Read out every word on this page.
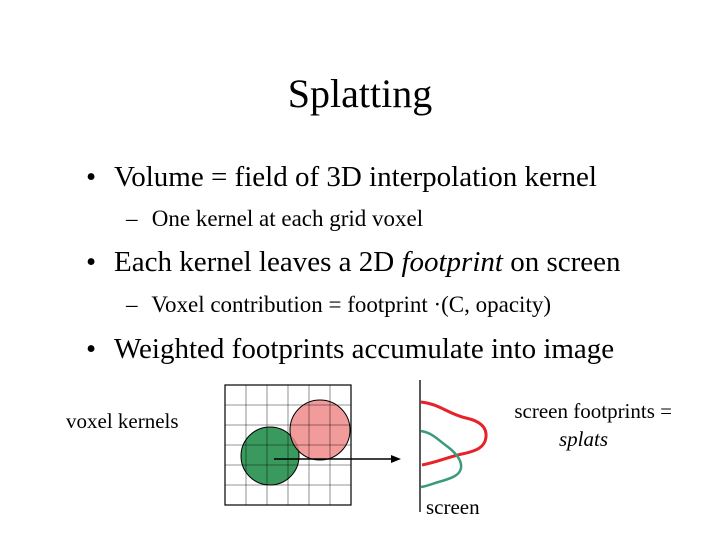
Splatting
• Volume = field of 3D interpolation kernel
– One kernel at each grid voxel
• Each kernel leaves a 2D footprint on screen
– Voxel contribution = footprint ·(C, opacity)
• Weighted footprints accumulate into image
voxel kernels	screen footprints =
splats
screen
